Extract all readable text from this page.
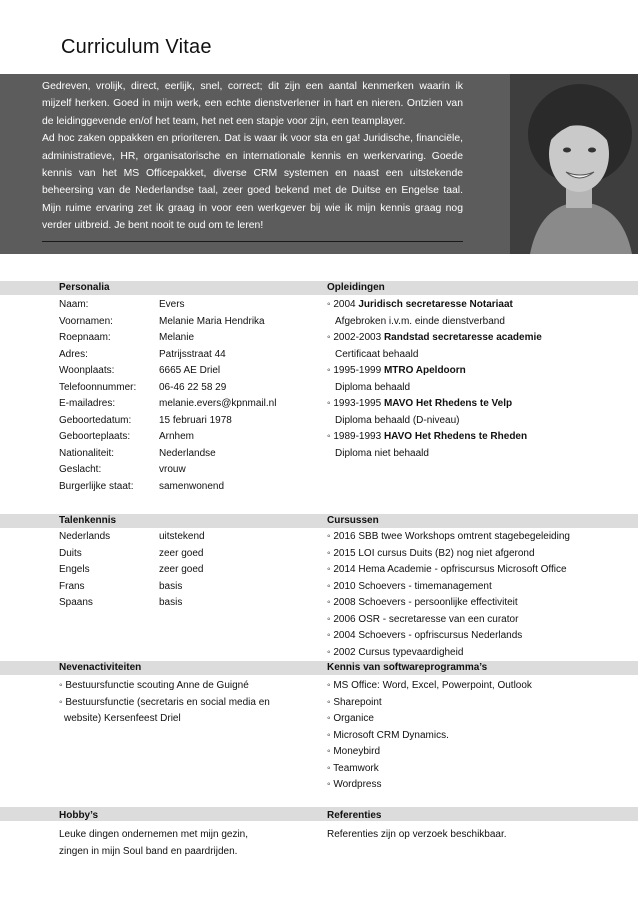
Curriculum Vitae

Gedreven, vrolijk, direct, eerlijk, snel, correct; dit zijn een aantal kenmerken waarin ik mijzelf herken. Goed in mijn werk, een echte dienstverlener in hart en nieren. Ontzien van de leidinggevende en/of het team, het net een stapje voor zijn, een teamplayer.

Ad hoc zaken oppakken en prioriteren. Dat is waar ik voor sta en ga! Juridische, financiële, administratieve, HR, organisatorische en internationale kennis en werkervaring. Goede kennis van het MS Officepakket, diverse CRM systemen en naast een uitstekende beheersing van de Nederlandse taal, zeer goed bekend met de Duitse en Engelse taal. Mijn ruime ervaring zet ik graag in voor een werkgever bij wie ik mijn kennis graag nog verder uitbreid. Je bent nooit te oud om te leren!

Personalia	Opleidingen
Naam:	Evers
Voornamen:	Melanie Maria Hendrika
Roepnaam:	Melanie
Adres:	Patrijsstraat 44
Woonplaats:	6665 AE Driel
Telefoonnummer: 06-46 22 58 29
E-mailadres:	melanie.evers@kpnmail.nl
Geboortedatum:	15 februari 1978
Geboorteplaats:	Arnhem
Nationaliteit:	Nederlandse
Geslacht:	vrouw
Burgerlijke staat:	samenwonend
◦ 2004 Juridisch secretaresse Notariaat
Afgebroken i.v.m. einde dienstverband
◦ 2002-2003 Randstad secretaresse academie
Certificaat behaald
◦ 1995-1999 MTRO Apeldoorn
Diploma behaald
◦ 1993-1995 MAVO Het Rhedens te Velp
Diploma behaald (D-niveau)
◦ 1989-1993 HAVO Het Rhedens te Rheden
Diploma niet behaald
Talenkennis	Cursussen
Nederlands	uitstekend
Duits	zeer goed
Engels	zeer goed
Frans	basis
Spaans	basis
◦ 2016 SBB twee Workshops omtrent stagebegeleiding
◦ 2015 LOI cursus Duits (B2) nog niet afgerond
◦ 2014 Hema Academie - opfriscursus Microsoft Office
◦ 2010 Schoevers - timemanagement
◦ 2008 Schoevers - persoonlijke effectiviteit
◦ 2006 OSR - secretaresse van een curator
◦ 2004 Schoevers - opfriscursus Nederlands
◦ 2002 Cursus typevaardigheid
Nevenactiviteiten	Kennis van softwareprogramma’s
◦ Bestuursfunctie scouting Anne de Guigné
◦ Bestuursfunctie (secretaris en social media en
website) Kersenfeest Driel
◦ MS Office: Word, Excel, Powerpoint, Outlook
◦ Sharepoint
◦ Organice
◦ Microsoft CRM Dynamics.
◦ Moneybird
◦ Teamwork
◦ Wordpress
Hobby’s	Referenties
Leuke dingen ondernemen met mijn gezin,
zingen in mijn Soul band en paardrijden.
Referenties zijn op verzoek beschikbaar.
